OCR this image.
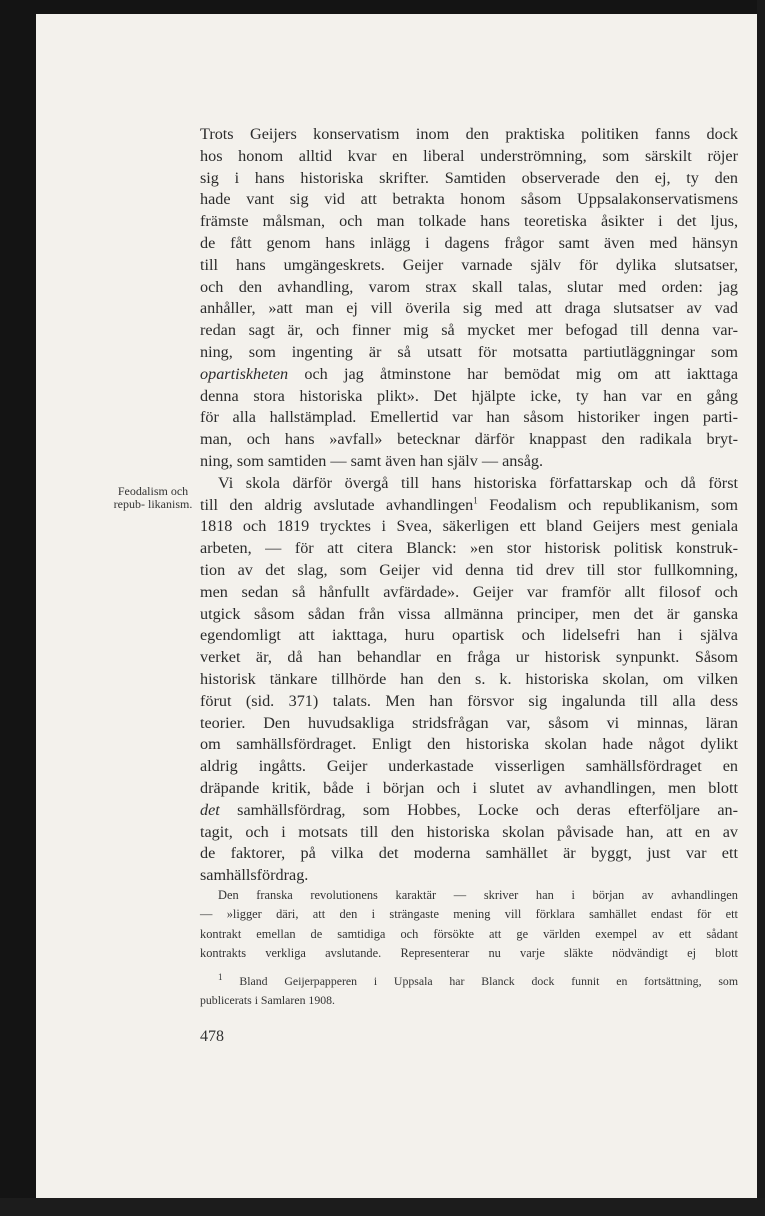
Trots Geijers konservatism inom den praktiska politiken fanns dock
hos honom alltid kvar en liberal underströmning, som särskilt röjer
sig i hans historiska skrifter. Samtiden observerade den ej, ty den
hade vant sig vid att betrakta honom såsom Uppsalakonservatismens
främste målsman, och man tolkade hans teoretiska åsikter i det ljus,
de fått genom hans inlägg i dagens frågor samt även med hänsyn
till hans umgängeskrets. Geijer varnade själv för dylika slutsatser,
och den avhandling, varom strax skall talas, slutar med orden: jag
anhåller, »att man ej vill överila sig med att draga slutsatser av vad
redan sagt är, och finner mig så mycket mer befogad till denna var-
ning, som ingenting är så utsatt för motsatta partiutläggningar som
opartiskheten och jag åtminstone har bemödat mig om att iakttaga
denna stora historiska plikt». Det hjälpte icke, ty han var en gång
för alla hallstämplad. Emellertid var han såsom historiker ingen parti-
man, och hans »avfall» betecknar därför knappast den radikala bryt-
ning, som samtiden — samt även han själv — ansåg.
Vi skola därför övergå till hans historiska författarskap och då först
till den aldrig avslutade avhandlingen$^1$ Feodalism och republikanism, som
1818 och 1819 trycktes i Svea, säkerligen ett bland Geijers mest geniala
arbeten, — för att citera Blanck: »en stor historisk politisk konstruk-
tion av det slag, som Geijer vid denna tid drev till stor fullkomning,
men sedan så hånfullt avfärdade». Geijer var framför allt filosof och
utgick såsom sådan från vissa allmänna principer, men det är ganska
egendomligt att iakttaga, huru opartisk och lidelsefri han i själva
verket är, då han behandlar en fråga ur historisk synpunkt. Såsom
historisk tänkare tillhörde han den s. k. historiska skolan, om vilken
förut (sid. 371) talats. Men han försvor sig ingalunda till alla dess
teorier. Den huvudsakliga stridsfrågan var, såsom vi minnas, läran
om samhällsfördraget. Enligt den historiska skolan hade något dylikt
aldrig ingåtts. Geijer underkastade visserligen samhällsfördraget en
dräpande kritik, både i början och i slutet av avhandlingen, men blott
det samhällsfördrag, som Hobbes, Locke och deras efterföljare an-
tagit, och i motsats till den historiska skolan påvisade han, att en av
de faktorer, på vilka det moderna samhället är byggt, just var ett
samhällsfördrag.
Feodalism och repub- likanism.
Den franska revolutionens karaktär — skriver han i början av avhandlingen
— »ligger däri, att den i strängaste mening vill förklara samhället endast för ett
kontrakt emellan de samtidiga och försökte att ge världen exempel av ett sådant
kontrakts verkliga avslutande. Representerar nu varje släkte nödvändigt ej blott
$^1$ Bland Geijerpapperen i Uppsala har Blanck dock funnit en fortsättning, som
publicerats i Samlaren 1908.
478
